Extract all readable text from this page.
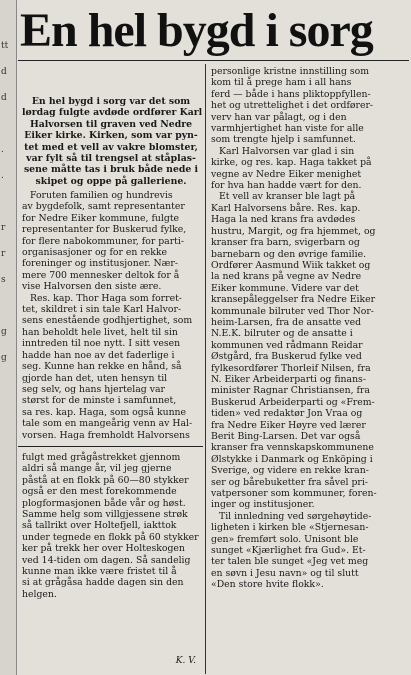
tt
d
d
.
.
r
r
s
g
g
En hel bygd i sorg

En hel bygd i sorg var det som

lørdag fulgte avdøde ordfører Karl

Halvorsen til graven ved Nedre

Eiker kirke. Kirken, som var pyn-

tet med et vell av vakre blomster,

var fylt så til trengsel at ståplas-

sene måtte tas i bruk både nede i

skipet og oppe på galleriene.

Foruten familien og hundrevis

av bygdefolk, samt representanter

for Nedre Eiker kommune, fulgte

representanter for Buskerud fylke,

for flere nabokommuner, for parti-

organisasjoner og for en rekke

foreninger og institusjoner. Nær-

mere 700 mennesker deltok for å

vise Halvorsen den siste ære.

Res. kap. Thor Haga som forret-

tet, skildret i sin tale Karl Halvor-

sens enestående godhjertighet, som

han beholdt hele livet, helt til sin

inntreden til noe nytt. I sitt vesen

hadde han noe av det faderlige i

seg. Kunne han rekke en hånd, så

gjorde han det, uten hensyn til

seg selv, og hans hjertelag var

størst for de minste i samfunnet,

sa res. kap. Haga, som også kunne

tale som en mangeårig venn av Hal-

vorsen. Haga fremholdt Halvorsens

fulgt med grågåstrekket gjennom

aldri så mange år, vil jeg gjerne

påstå at en flokk på 60—80 stykker

også er den mest forekommende

plogformasjonen både vår og høst.

Samme helg som villgjessene strøk

så tallrikt over Holtefjell, iakttok

under tegnede en flokk på 60 stykker

ker på trekk her over Holteskogen

ved 14-tiden om dagen. Så sandelig

kunne man ikke være fristet til å

si at grågåsa hadde dagen sin den

helgen.

K. V.

personlige kristne innstilling som

kom til å prege ham i all hans

ferd — både i hans pliktoppfyllen-

het og utrettelighet i det ordfører-

verv han var pålagt, og i den

varmhjertighet han viste for alle

som trengte hjelp i samfunnet.

Karl Halvorsen var glad i sin

kirke, og res. kap. Haga takket på

vegne av Nedre Eiker menighet

for hva han hadde vært for den.

Et vell av kranser ble lagt på

Karl Halvorsens båre. Res. kap.

Haga la ned krans fra avdødes

hustru, Margit, og fra hjemmet, og

kranser fra barn, svigerbarn og

barnebarn og den øvrige familie.

Ordfører Aasmund Wiik takket og

la ned krans på vegne av Nedre

Eiker kommune. Videre var det

kransepåleggelser fra Nedre Eiker

kommunale bilruter ved Thor Nor-

heim-Larsen, fra de ansatte ved

N.E.K. bilruter og de ansatte i

kommunen ved rådmann Reidar

Østgård, fra Buskerud fylke ved

fylkesordfører Thorleif Nilsen, fra

N. Eiker Arbeiderparti og finans-

minister Ragnar Christiansen, fra

Buskerud Arbeiderparti og «Frem-

tiden» ved redaktør Jon Vraa og

fra Nedre Eiker Høyre ved lærer

Berit Bing-Larsen. Det var også

kranser fra vennskapskommunene

Ølstykke i Danmark og Enköping i

Sverige, og videre en rekke kran-

ser og bårebuketter fra såvel pri-

vatpersoner som kommuner, foren-

inger og institusjoner.

Til innledning ved sørgehøytide-

ligheten i kirken ble «Stjernesan-

gen» fremført solo. Unisont ble

sunget «Kjærlighet fra Gud». Et-

ter talen ble sunget «Jeg vet meg

en søvn i Jesu navn» og til slutt

«Den store hvite flokk».
